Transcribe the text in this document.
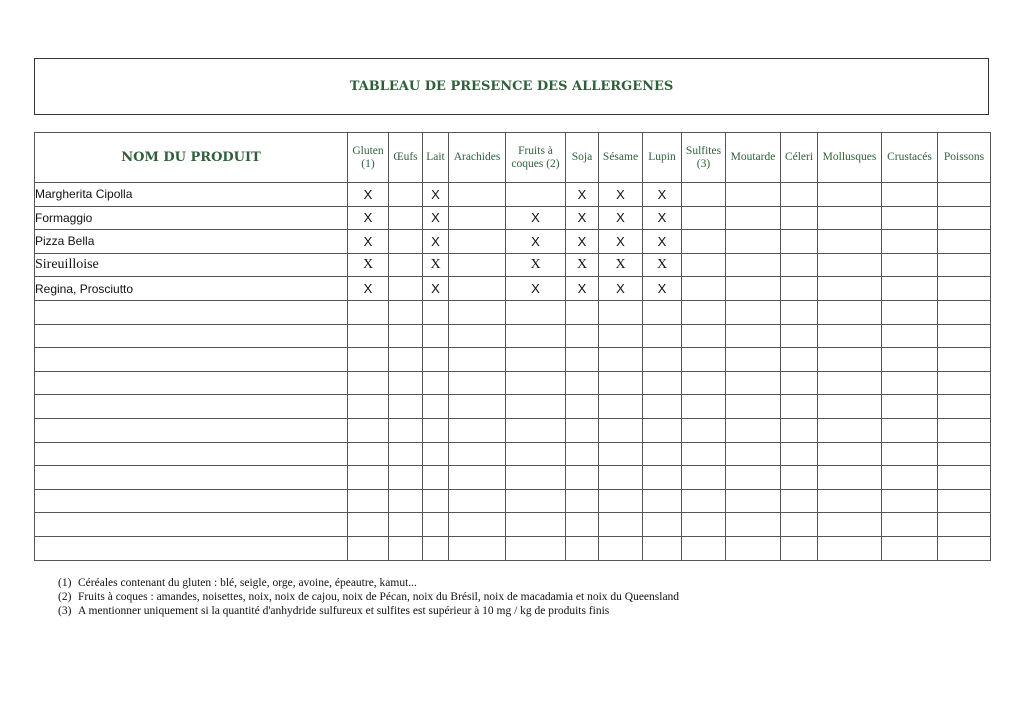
TABLEAU DE PRESENCE DES ALLERGENES
NOM DU PRODUIT	Gluten (1)	Œufs	Lait	Arachides	Fruits à coques (2)	Soja	Sésame	Lupin	Sulfites (3)	Moutarde	Céleri	Mollusques	Crustacés	Poissons
Margherita Cipolla	X		X			X	X	X						
Formaggio	X		X		X	X	X	X						
Pizza Bella	X		X		X	X	X	X						
Sireuilloise	X		X		X	X	X	X						
Regina, Prosciutto	X		X		X	X	X	X						

(1) Céréales contenant du gluten : blé, seigle, orge, avoine, épeautre, kamut...
(2) Fruits à coques : amandes, noisettes, noix, noix de cajou, noix de Pécan, noix du Brésil, noix de macadamia et noix du Queensland
(3) A mentionner uniquement si la quantité d'anhydride sulfureux et sulfites est supérieur à 10 mg / kg de produits finis
